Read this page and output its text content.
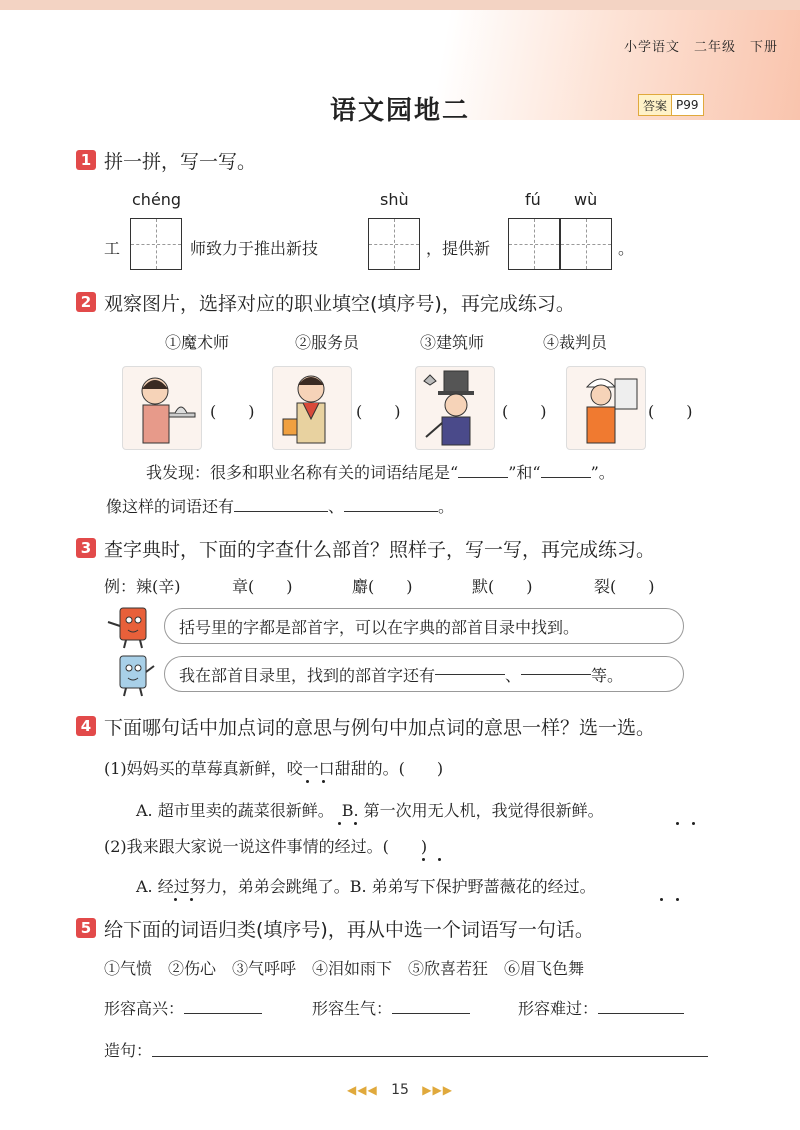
小学语文　二年级　下册
语文园地二	答案 P99
1 拼一拼，写一写。
chéng	shù	fú wù
工	师致力于推出新技	，提供新	。
2 观察图片，选择对应的职业填空(填序号)，再完成练习。
①魔术师	②服务员	③建筑师	④裁判员
(　　)	(　　)	(　　)	(　　)
我发现：很多和职业名称有关的词语结尾是“	”和“	”。
像这样的词语还有	、	。
3 查字典时，下面的字查什么部首？照样子，写一写，再完成练习。
例：辣(辛)	章(　　)	麝(　　)	默(　　)	裂(　　)
括号里的字都是部首字，可以在字典的部首目录中找到。
我在部首目录里，找到的部首字还有	、	等。
4 下面哪句话中加点词的意思与例句中加点词的意思一样？选一选。
(1)妈妈买的草莓真新鲜，咬一口甜甜的。(　　)
A. 超市里卖的蔬菜很新鲜。　B. 第一次用无人机，我觉得很新鲜。
(2)我来跟大家说一说这件事情的经过。(　　)
A. 经过努力，弟弟会跳绳了。B. 弟弟写下保护野蔷薇花的经过。
5 给下面的词语归类(填序号)，再从中选一个词语写一句话。
①气愤　②伤心　③气呼呼　④泪如雨下　⑤欣喜若狂　⑥眉飞色舞
形容高兴：	形容生气：	形容难过：
造句：
◀◀◀ 15 ▶▶▶
